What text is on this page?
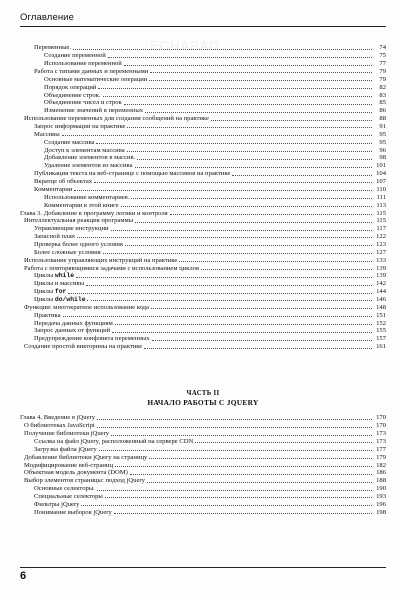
ЕСНАВАО
Оглавление
Переменные.	74
Создание переменной	75
Использование переменной	77
Работа с типами данных и переменными	79
Основные математические операции	79
Порядок операций	82
Объединение строк.	83
Объединение чисел и строк	85
Изменение значений в переменных	86
Использование переменных для создания сообщений на практике	88
Запрос информации на практике	91
Массивы	95
Создание массива	95
Доступ к элементам массива	96
Добавление элементов в массив.	98
Удаление элементов из массива	101
Публикация текста на веб-странице с помощью массивов на практике	104
Вкратце об объектах	107
Комментарии	110
Использование комментариев.	111
Комментарии в этой книге	113
Глава 3. Добавление в программу логики и контроля	115
Интеллектуальная реакция программы	115
Управляющие инструкции	117
Запасной план	122
Проверка более одного условия	123
Более сложные условия	127
Использование управляющих инструкций на практике	133
Работа с повторяющимися задачами с использованием циклов	139
Циклы while	139
Циклы и массивы	142
Циклы for	144
Циклы do/while.	146
Функции: многократное использование кода	148
Практика	151
Передача данных функциям	152
Запрос данных от функций	155
Предупреждение конфликта переменных	157
Создание простой викторины на практике	161
ЧАСТЬ II
НАЧАЛО РАБОТЫ С JQUERY
Глава 4. Введение в jQuery	170
О библиотеках JavaScript	170
Получение библиотеки jQuery	173
Ссылка на файл jQuery, расположенный на сервере CDN	173
Загрузка файла jQuery	177
Добавление библиотеки jQuery на страницу	179
Модифицирование веб-страниц	182
Объектная модель документа (DOM)	186
Выбор элементов страницы: подход jQuery	188
Основные селекторы.	190
Специальные селекторы	193
Фильтры jQuery	196
Понимание выборок jQuery	198
6
